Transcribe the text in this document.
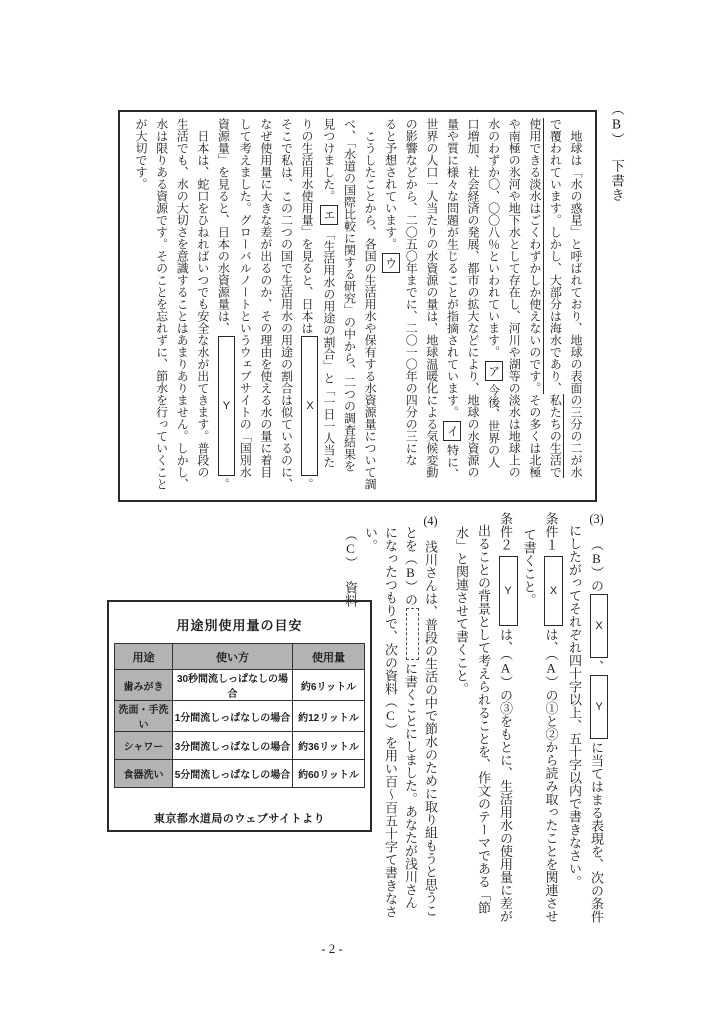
（B）下書き
　地球は「水の惑星」と呼ばれており、地球の表面の三分の二が水
で覆われています。しかし、大部分は海水であり、私たちの生活で
使用できる淡水はごくわずかしか使えないのです。その多くは北極
や南極の氷河や地下水として存在し、河川や湖等の淡水は地球上の
水のわずか〇、〇〇八％といわれています。ア今後、世界の人
口増加、社会経済の発展、都市の拡大などにより、地球の水資源の
量や質に様々な問題が生じることが指摘されています。イ特に、
世界の人口一人当たりの水資源の量は、地球温暖化による気候変動
の影響などから、二〇五〇年までに、二〇一〇年の四分の三にな
ると予想されています。ウ
　こうしたことから、各国の生活用水や保有する水資源量について調
べ、「水道の国際比較に関する研究」の中から、二つの調査結果を
見つけました。エ「生活用水の用途の割合」と「一日一人当た
りの生活用水使用量」を見ると、日本は
X
。
そこで私は、この二つの国で生活用水の用途の割合は似ているのに、
なぜ使用量に大きな差が出るのか、その理由を使える水の量に着目
して考えました。グローバルノートというウェブサイトの「国別水
資源量」を見ると、日本の水資源量は、
Y
。
　日本は、蛇口をひねればいつでも安全な水が出てきます。普段の
生活でも、水の大切さを意識することはあまりありません。しかし、
水は限りある資源です。そのことを忘れずに、節水を行っていくこと
が大切です。
(3)（B）の
X
、
Y
に当てはまる表現を、次の条件
にしたがってそれぞれ四十字以上、五十字以内で書きなさい。
条件１
X
は、（A）の①と②から読み取ったことを関連させ
て書くこと。
条件２
Y
は、（A）の③をもとに、生活用水の使用量に差が
出ることの背景として考えられることを、作文のテーマである「節
水」と関連させて書くこと。
(4)浅川さんは、普段の生活の中で節水のために取り組もうと思うこ
とを（B）のに書くことにしました。あなたが浅川さん
になったつもりで、次の資料（C）を用い百〜百五十字て書きなさ
い。
（C）資料
用途別使用量の目安
用途	使い方	使用量
歯みがき	30秒間流しっぱなしの場合	約6リットル
洗面・手洗い	1分間流しっぱなしの場合	約12リットル
シャワー	3分間流しっぱなしの場合	約36リットル
食器洗い	5分間流しっぱなしの場合	約60リットル
東京都水道局のウェブサイトより
- 2 -
